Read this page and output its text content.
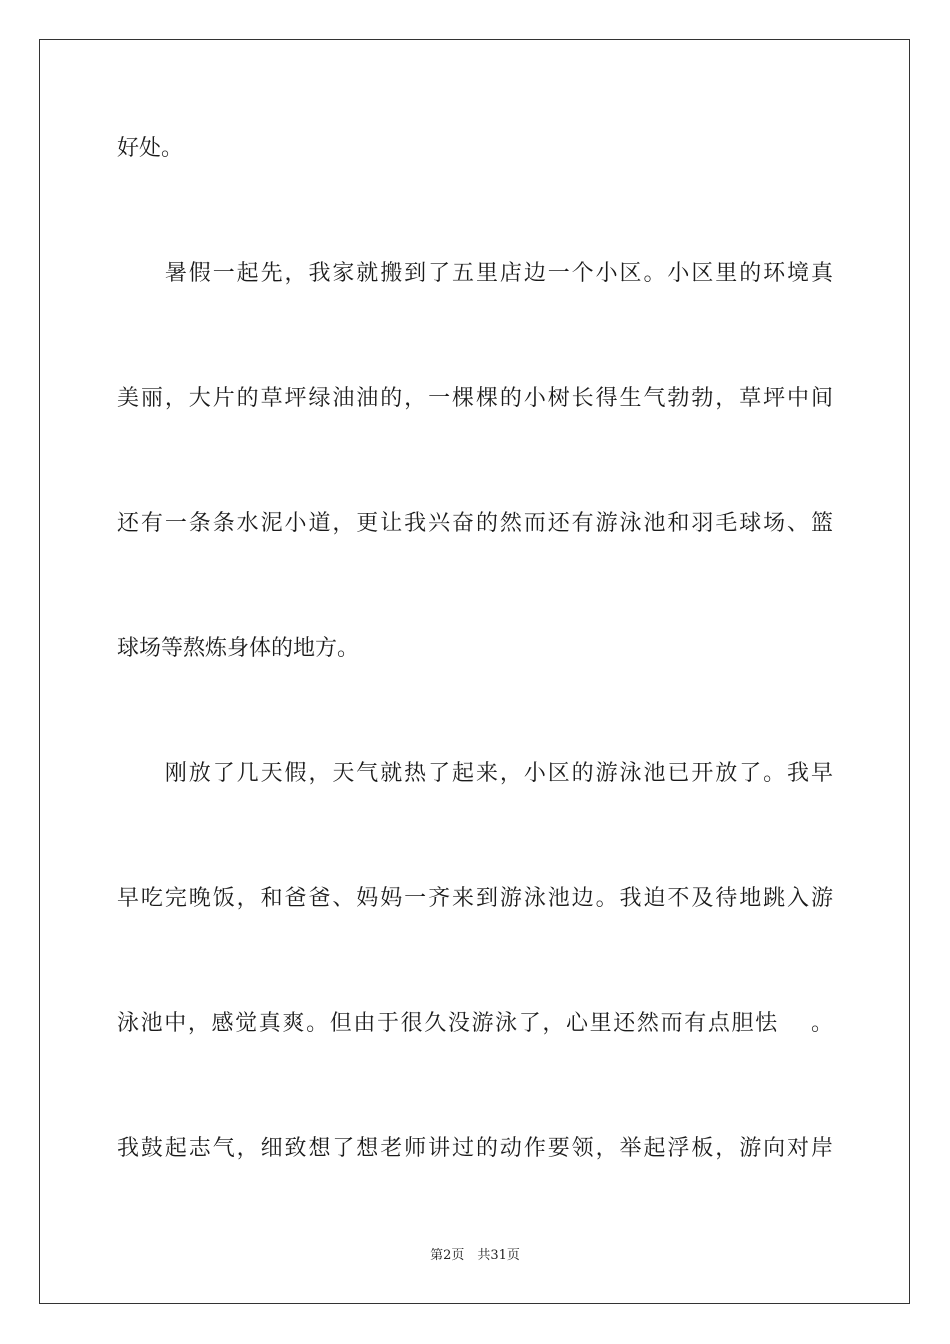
好处。
　　暑假一起先，我家就搬到了五里店边一个小区。小区里的环境真
美丽，大片的草坪绿油油的，一棵棵的小树长得生气勃勃，草坪中间
还有一条条水泥小道，更让我兴奋的然而还有游泳池和羽毛球场、篮
球场等熬炼身体的地方。
　　刚放了几天假，天气就热了起来，小区的游泳池已开放了。我早
早吃完晚饭，和爸爸、妈妈一齐来到游泳池边。我迫不及待地跳入游
泳池中，感觉真爽。但由于很久没游泳了，心里还然而有点胆怯　 。
我鼓起志气，细致想了想老师讲过的动作要领，举起浮板，游向对岸
第2页　共31页
